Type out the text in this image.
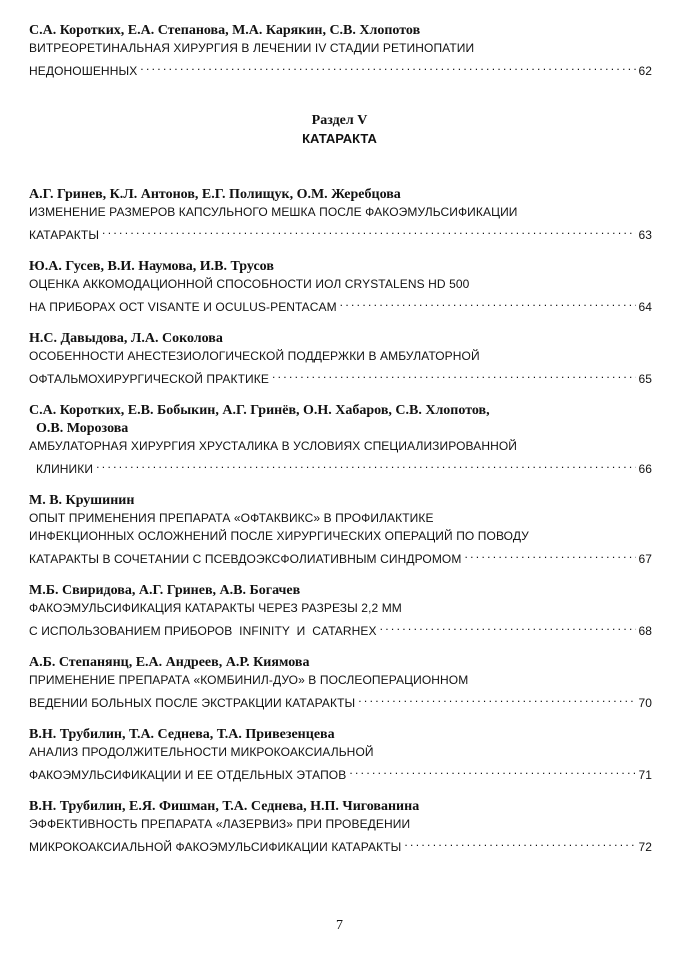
С.А. Коротких, Е.А. Степанова, М.А. Карякин, С.В. Хлопотов
ВИТРЕОРЕТИНАЛЬНАЯ ХИРУРГИЯ В ЛЕЧЕНИИ IV СТАДИИ РЕТИНОПАТИИ
НЕДОНОШЕННЫХ . . .	62
Раздел V
КАТАРАКТА
А.Г. Гринев, К.Л. Антонов, Е.Г. Полищук, О.М. Жеребцова
ИЗМЕНЕНИЕ РАЗМЕРОВ КАПСУЛЬНОГО МЕШКА ПОСЛЕ ФАКОЭМУЛЬСИФИКАЦИИ
КАТАРАКТЫ . . .	63
Ю.А. Гусев, В.И. Наумова, И.В. Трусов
ОЦЕНКА АККОМОДАЦИОННОЙ СПОСОБНОСТИ ИОЛ CRYSTALENS HD 500
НА ПРИБОРАХ ОСТ VISANTE И OCULUS-PENTACAM . . .	64
Н.С. Давыдова, Л.А. Соколова
ОСОБЕННОСТИ АНЕСТЕЗИОЛОГИЧЕСКОЙ ПОДДЕРЖКИ В АМБУЛАТОРНОЙ
ОФТАЛЬМОХИРУРГИЧЕСКОЙ ПРАКТИКЕ . . .	65
С.А. Коротких, Е.В. Бобыкин, А.Г. Гринёв, О.Н. Хабаров, С.В. Хлопотов,
О.В. Морозова
АМБУЛАТОРНАЯ ХИРУРГИЯ ХРУСТАЛИКА В УСЛОВИЯХ СПЕЦИАЛИЗИРОВАННОЙ
КЛИНИКИ . . .	66
М. В. Крушинин
ОПЫТ ПРИМЕНЕНИЯ ПРЕПАРАТА «ОФТАКВИКС» В ПРОФИЛАКТИКЕ
ИНФЕКЦИОННЫХ ОСЛОЖНЕНИЙ ПОСЛЕ ХИРУРГИЧЕСКИХ ОПЕРАЦИЙ ПО ПОВОДУ
КАТАРАКТЫ В СОЧЕТАНИИ С ПСЕВДОЭКСФОЛИАТИВНЫМ СИНДРОМОМ . . .	67
М.Б. Свиридова, А.Г. Гринев, А.В. Богачев
ФАКОЭМУЛЬСИФИКАЦИЯ КАТАРАКТЫ ЧЕРЕЗ РАЗРЕЗЫ 2,2 ММ
С ИСПОЛЬЗОВАНИЕМ ПРИБОРОВ  INFINITY  И  CATARHEX . . .	68
А.Б. Степанянц, Е.А. Андреев, А.Р. Киямова
ПРИМЕНЕНИЕ ПРЕПАРАТА «КОМБИНИЛ-ДУО» В ПОСЛЕОПЕРАЦИОННОМ
ВЕДЕНИИ БОЛЬНЫХ ПОСЛЕ ЭКСТРАКЦИИ КАТАРАКТЫ . . .	70
В.Н. Трубилин, Т.А. Седнева, Т.А. Привезенцева
АНАЛИЗ ПРОДОЛЖИТЕЛЬНОСТИ МИКРОКОАКСИАЛЬНОЙ
ФАКОЭМУЛЬСИФИКАЦИИ И ЕЕ ОТДЕЛЬНЫХ ЭТАПОВ . . .	71
В.Н. Трубилин, Е.Я. Фишман, Т.А. Седнева, Н.П. Чигованина
ЭФФЕКТИВНОСТЬ ПРЕПАРАТА «ЛАЗЕРВИЗ» ПРИ ПРОВЕДЕНИИ
МИКРОКОАКСИАЛЬНОЙ ФАКОЭМУЛЬСИФИКАЦИИ КАТАРАКТЫ . . .	72
7
